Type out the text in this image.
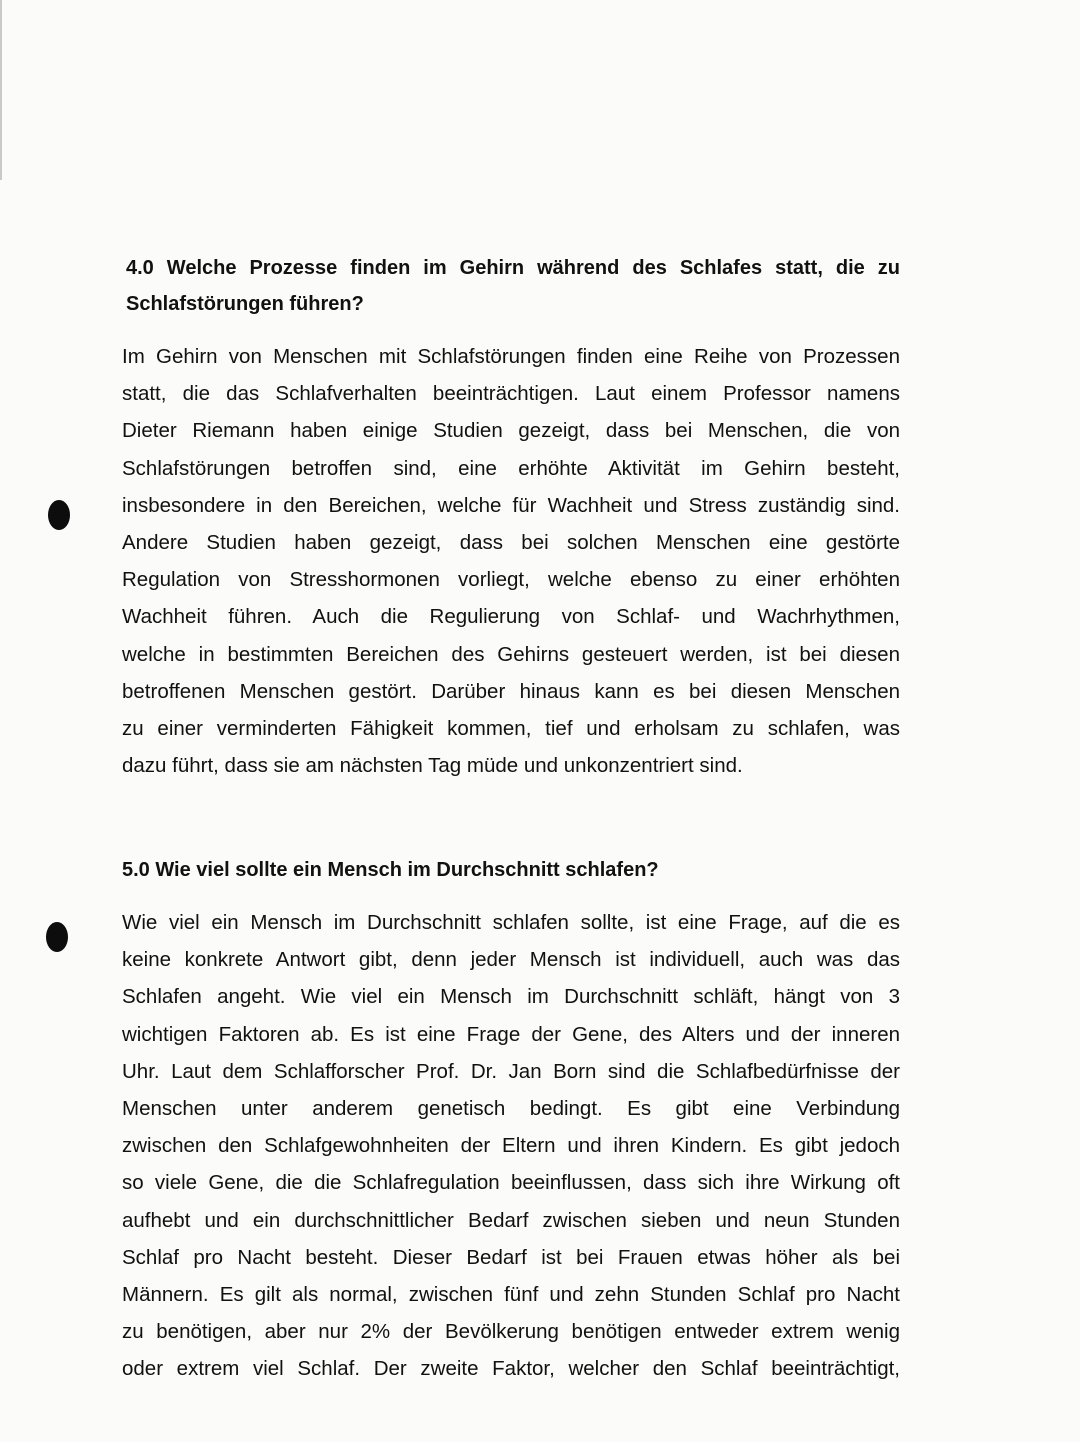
4.0 Welche Prozesse finden im Gehirn während des Schlafes statt, die zu
Schlafstörungen führen?

Im Gehirn von Menschen mit Schlafstörungen finden eine Reihe von Prozessen
statt, die das Schlafverhalten beeinträchtigen. Laut einem Professor namens
Dieter Riemann haben einige Studien gezeigt, dass bei Menschen, die von
Schlafstörungen betroffen sind, eine erhöhte Aktivität im Gehirn besteht,
insbesondere in den Bereichen, welche für Wachheit und Stress zuständig sind.
Andere Studien haben gezeigt, dass bei solchen Menschen eine gestörte
Regulation von Stresshormonen vorliegt, welche ebenso zu einer erhöhten
Wachheit führen. Auch die Regulierung von Schlaf- und Wachrhythmen,
welche in bestimmten Bereichen des Gehirns gesteuert werden, ist bei diesen
betroffenen Menschen gestört. Darüber hinaus kann es bei diesen Menschen
zu einer verminderten Fähigkeit kommen, tief und erholsam zu schlafen, was
dazu führt, dass sie am nächsten Tag müde und unkonzentriert sind.

5.0 Wie viel sollte ein Mensch im Durchschnitt schlafen?

Wie viel ein Mensch im Durchschnitt schlafen sollte, ist eine Frage, auf die es
keine konkrete Antwort gibt, denn jeder Mensch ist individuell, auch was das
Schlafen angeht. Wie viel ein Mensch im Durchschnitt schläft, hängt von 3
wichtigen Faktoren ab. Es ist eine Frage der Gene, des Alters und der inneren
Uhr. Laut dem Schlafforscher Prof. Dr. Jan Born sind die Schlafbedürfnisse der
Menschen unter anderem genetisch bedingt. Es gibt eine Verbindung
zwischen den Schlafgewohnheiten der Eltern und ihren Kindern. Es gibt jedoch
so viele Gene, die die Schlafregulation beeinflussen, dass sich ihre Wirkung oft
aufhebt und ein durchschnittlicher Bedarf zwischen sieben und neun Stunden
Schlaf pro Nacht besteht. Dieser Bedarf ist bei Frauen etwas höher als bei
Männern. Es gilt als normal, zwischen fünf und zehn Stunden Schlaf pro Nacht
zu benötigen, aber nur 2% der Bevölkerung benötigen entweder extrem wenig
oder extrem viel Schlaf. Der zweite Faktor, welcher den Schlaf beeinträchtigt,
